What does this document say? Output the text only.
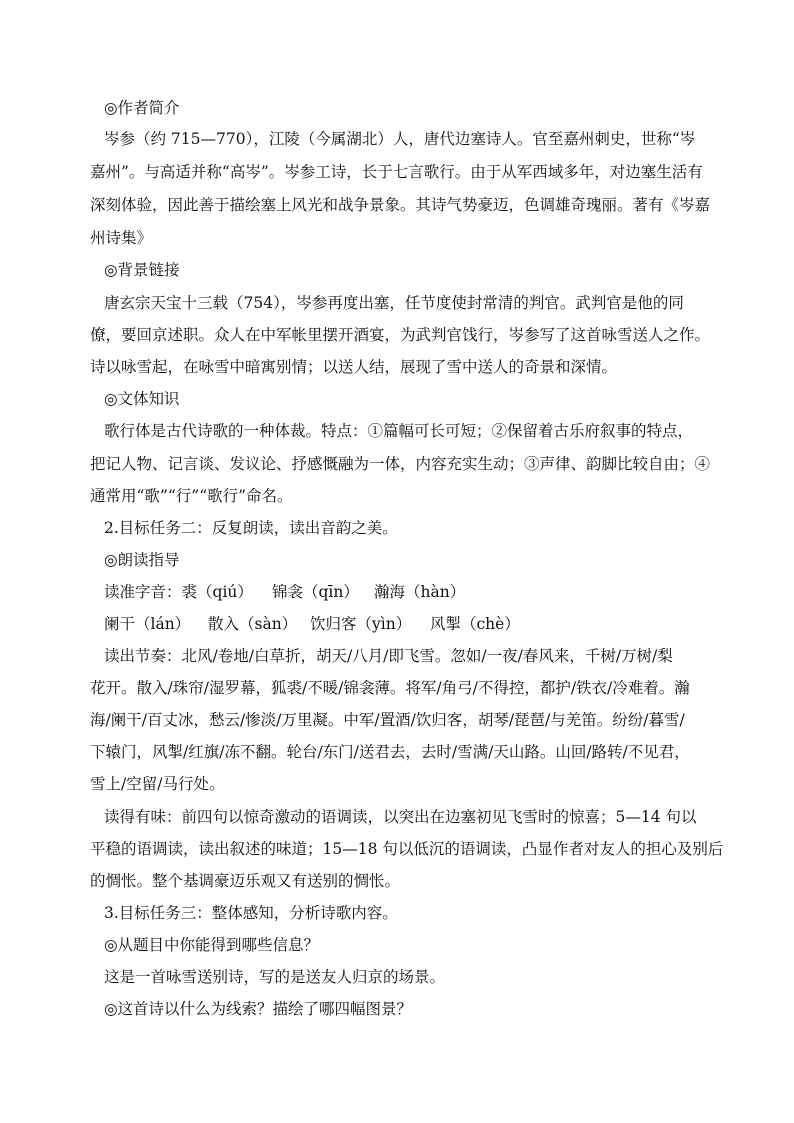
◎作者简介
岑参（约 715—770），江陵（今属湖北）人，唐代边塞诗人。官至嘉州刺史，世称“岑
嘉州”。与高适并称“高岑”。岑参工诗，长于七言歌行。由于从军西域多年，对边塞生活有
深刻体验，因此善于描绘塞上风光和战争景象。其诗气势豪迈，色调雄奇瑰丽。著有《岑嘉
州诗集》
◎背景链接
唐玄宗天宝十三载（754），岑参再度出塞，任节度使封常清的判官。武判官是他的同
僚，要回京述职。众人在中军帐里摆开酒宴，为武判官饯行，岑参写了这首咏雪送人之作。
诗以咏雪起，在咏雪中暗寓别情；以送人结，展现了雪中送人的奇景和深情。
◎文体知识
歌行体是古代诗歌的一种体裁。特点：①篇幅可长可短；②保留着古乐府叙事的特点，
把记人物、记言谈、发议论、抒感慨融为一体，内容充实生动；③声律、韵脚比较自由；④
通常用“歌”“行”“歌行”命名。
2.目标任务二：反复朗读，读出音韵之美。
◎朗读指导
读准字音：裘（qiú） 锦衾（qīn） 瀚海（hàn）
阑干（lán） 散入（sàn） 饮归客（yìn） 风掣（chè）
读出节奏：北风/卷地/白草折，胡天/八月/即飞雪。忽如/一夜/春风来，千树/万树/梨
花开。散入/珠帘/湿罗幕，狐裘/不暖/锦衾薄。将军/角弓/不得控，都护/铁衣/冷难着。瀚
海/阑干/百丈冰，愁云/惨淡/万里凝。中军/置酒/饮归客，胡琴/琵琶/与羌笛。纷纷/暮雪/
下辕门，风掣/红旗/冻不翻。轮台/东门/送君去，去时/雪满/天山路。山回/路转/不见君，
雪上/空留/马行处。
读得有味：前四句以惊奇激动的语调读，以突出在边塞初见飞雪时的惊喜；5—14 句以
平稳的语调读，读出叙述的味道；15—18 句以低沉的语调读，凸显作者对友人的担心及别后
的惆怅。整个基调豪迈乐观又有送别的惆怅。
3.目标任务三：整体感知，分析诗歌内容。
◎从题目中你能得到哪些信息？
这是一首咏雪送别诗，写的是送友人归京的场景。
◎这首诗以什么为线索？描绘了哪四幅图景？
